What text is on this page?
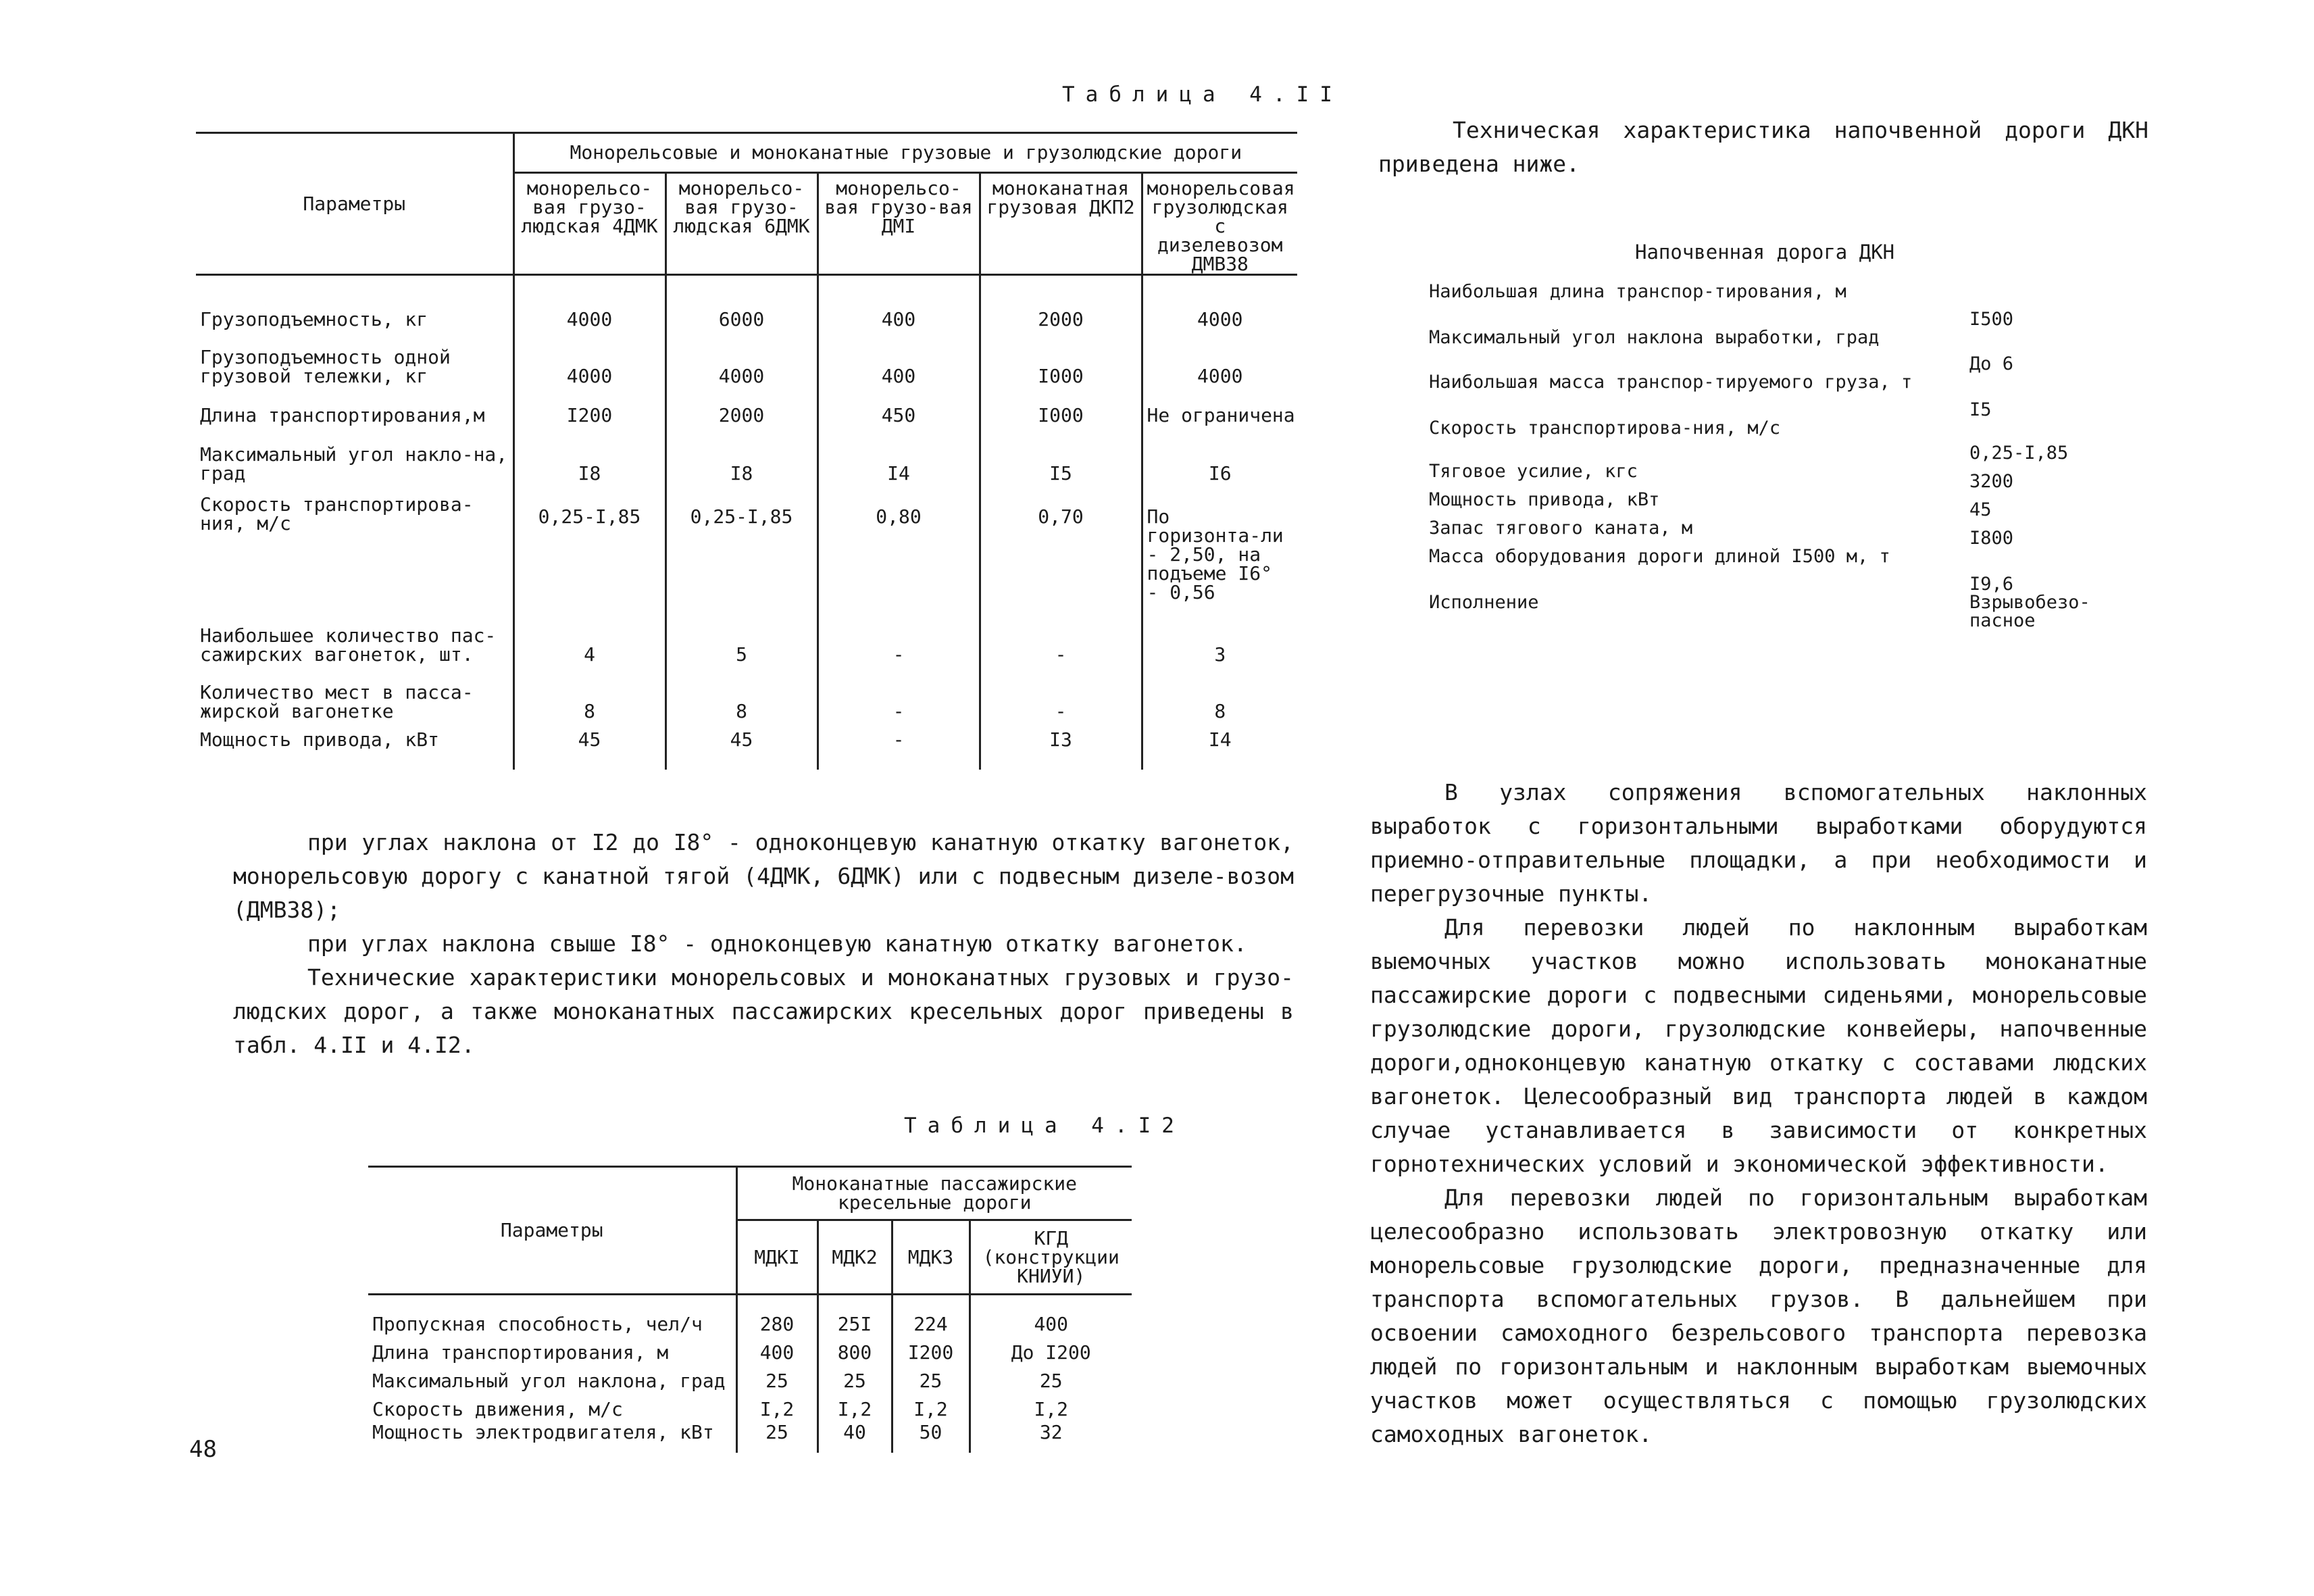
Таблица 4.II
Параметры	Монорельсовые и моноканатные грузовые и грузолюдские дороги				
	монорельсо-вая грузо-людская 4ДМК	монорельсо-вая грузо-людская 6ДМК	монорельсо-вая грузо-вая ДМI	моноканатная грузовая ДКП2	монорельсовая грузолюдская с дизелевозом ДМВ38
Грузоподъемность, кг	4000	6000	400	2000	4000
Грузоподъемность одной грузовой тележки, кг	4000	4000	400	I000	4000
Длина транспортирования,м	I200	2000	450	I000	Не ограничена
Максимальный угол накло-на, град	I8	I8	I4	I5	I6
Скорость транспортирова-ния, м/с	0,25-I,85	0,25-I,85	0,80	0,70	По горизонта-ли - 2,50, на подъеме I6° - 0,56
Наибольшее количество пас-сажирских вагонеток, шт.	4	5	-	-	3
Количество мест в пасса-жирской вагонетке	8	8	-	-	8
Мощность привода, кВт	45	45	-	I3	I4

при углах наклона от I2 до I8° - одноконцевую канатную откатку вагонеток, монорельсовую дорогу с канатной тягой (4ДМК, 6ДМК) или с подвесным дизеле-возом (ДМВ38);

при углах наклона свыше I8° - одноконцевую канатную откатку вагонеток.

Технические характеристики монорельсовых и моноканатных грузовых и грузо-людских дорог, а также моноканатных пассажирских кресельных дорог приведены в табл. 4.II и 4.I2.

Таблица 4.I2
Параметры	Моноканатные пассажирские кресельные дороги			
	МДКI	МДК2	МДК3	КГД (конструкции КНИУИ)
Пропускная способность, чел/ч	280	25I	224	400
Длина транспортирования, м	400	800	I200	До I200
Максимальный угол наклона, град	25	25	25	25
Скорость движения, м/с	I,2	I,2	I,2	I,2
Мощность электродвигателя, кВт	25	40	50	32
48

Техническая характеристика напочвенной дороги ДКН приведена ниже.

Напочвенная дорога ДКН
Наибольшая длина транспор-тирования, м	I500
Максимальный угол наклона выработки, град	До 6
Наибольшая масса транспор-тируемого груза, т	I5
Скорость транспортирова-ния, м/с	0,25-I,85
Тяговое усилие, кгс	3200
Мощность привода, кВт	45
Запас тягового каната, м	I800
Масса оборудования дороги длиной I500 м, т	I9,6
Исполнение	Взрывобезо-пасное

В узлах сопряжения вспомогательных наклонных выработок с горизонтальными выработками оборудуются приемно-отправительные площадки, а при необходимости и перегрузочные пункты.

Для перевозки людей по наклонным выработкам выемочных участков можно использовать моноканатные пассажирские дороги с подвесными сиденьями, монорельсовые грузолюдские дороги, грузолюдские конвейеры, напочвенные дороги,одноконцевую канатную откатку с составами людских вагонеток. Целесообразный вид транспорта людей в каждом случае устанавливается в зависимости от конкретных горнотехнических условий и экономической эффективности.

Для перевозки людей по горизонтальным выработкам целесообразно использовать электровозную откатку или монорельсовые грузолюдские дороги, предназначенные для транспорта вспомогательных грузов. В дальнейшем при освоении самоходного безрельсового транспорта перевозка людей по горизонтальным и наклонным выработкам выемочных участков может осуществляться с помощью грузолюдских самоходных вагонеток.
